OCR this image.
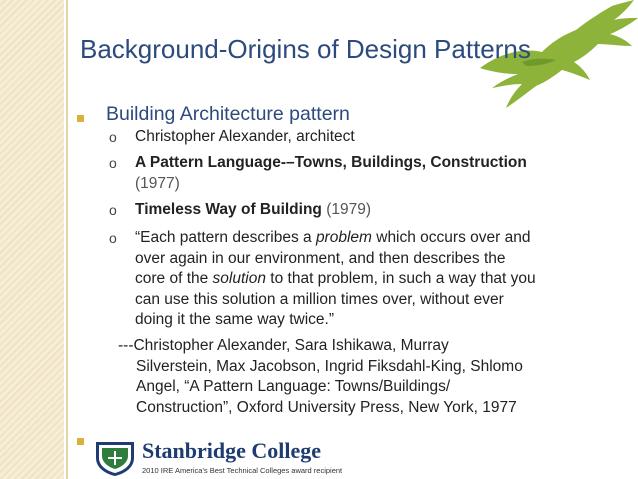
Background-Origins of Design Patterns
Building Architecture pattern
o Christopher Alexander, architect
o A Pattern Language-–Towns, Buildings, Construction
(1977)
o Timeless Way of Building (1979)
o “Each pattern describes a problem which occurs over and
over again in our environment, and then describes the
core of the solution to that problem, in such a way that you
can use this solution a million times over, without ever
doing it the same way twice.”
---Christopher Alexander, Sara Ishikawa, Murray
Silverstein, Max Jacobson, Ingrid Fiksdahl-King, Shlomo
Angel, “A Pattern Language: Towns/Buildings/
Construction”, Oxford University Press, New York, 1977
Stanbridge College
2010 IRE America's Best Technical Colleges award recipient
